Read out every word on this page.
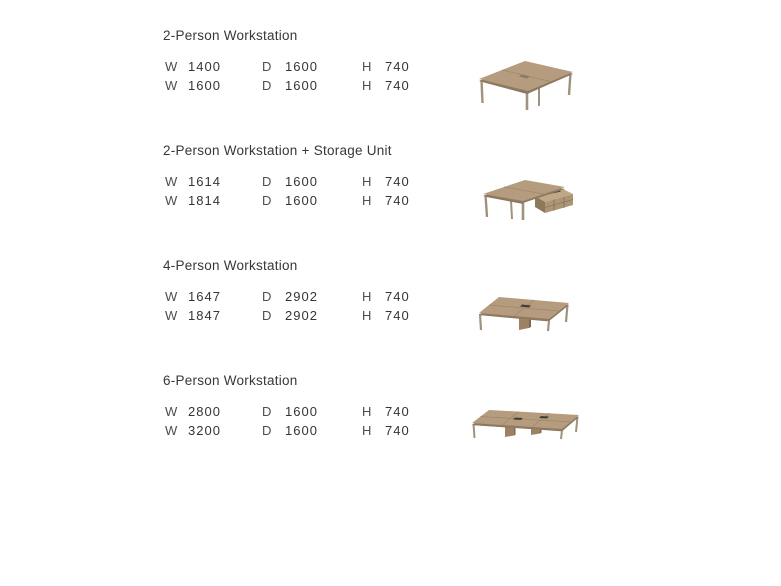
2-Person Workstation
W 1400	D 1600	H 740
W 1600	D 1600	H 740
2-Person Workstation + Storage Unit
W 1614	D 1600	H 740
W 1814	D 1600	H 740
4-Person Workstation
W 1647	D 2902	H 740
W 1847	D 2902	H 740
6-Person Workstation
W 2800	D 1600	H 740
W 3200	D 1600	H 740
